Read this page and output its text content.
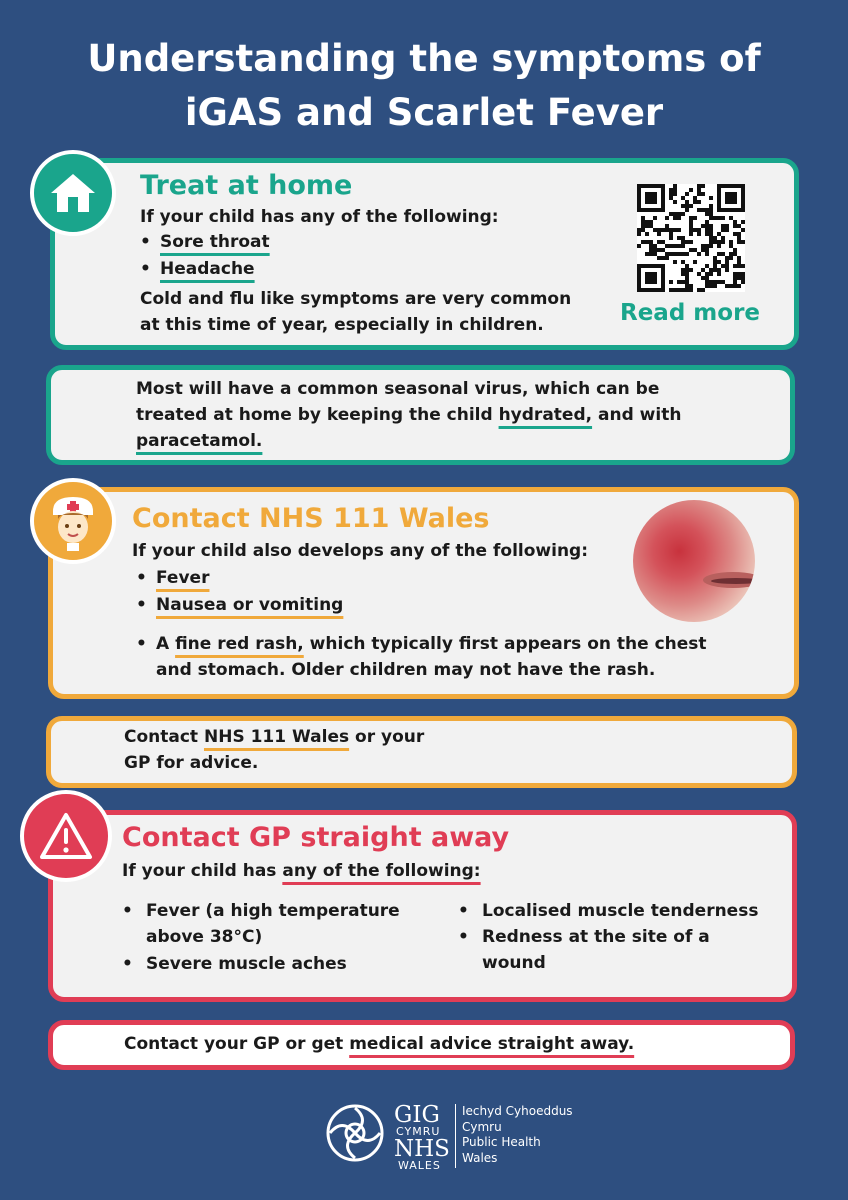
Understanding the symptoms of
iGAS and Scarlet Fever
Treat at home
If your child has any of the following:
• Sore throat
• Headache
Cold and flu like symptoms are very common
at this time of year, especially in children.	Read more
Most will have a common seasonal virus, which can be
treated at home by keeping the child hydrated, and with
paracetamol.
Contact NHS 111 Wales
If your child also develops any of the following:
• Fever
• Nausea or vomiting
• A fine red rash, which typically first appears on the chest
and stomach. Older children may not have the rash.
Contact NHS 111 Wales or your
GP for advice.
Contact GP straight away
If your child has any of the following:
• Fever (a high temperature
above 38°C)
• Severe muscle aches
• Localised muscle tenderness
• Redness at the site of a
wound
Contact your GP or get medical advice straight away.
GIG
CYMRU
NHS
WALES
Iechyd Cyhoeddus
Cymru
Public Health
Wales
